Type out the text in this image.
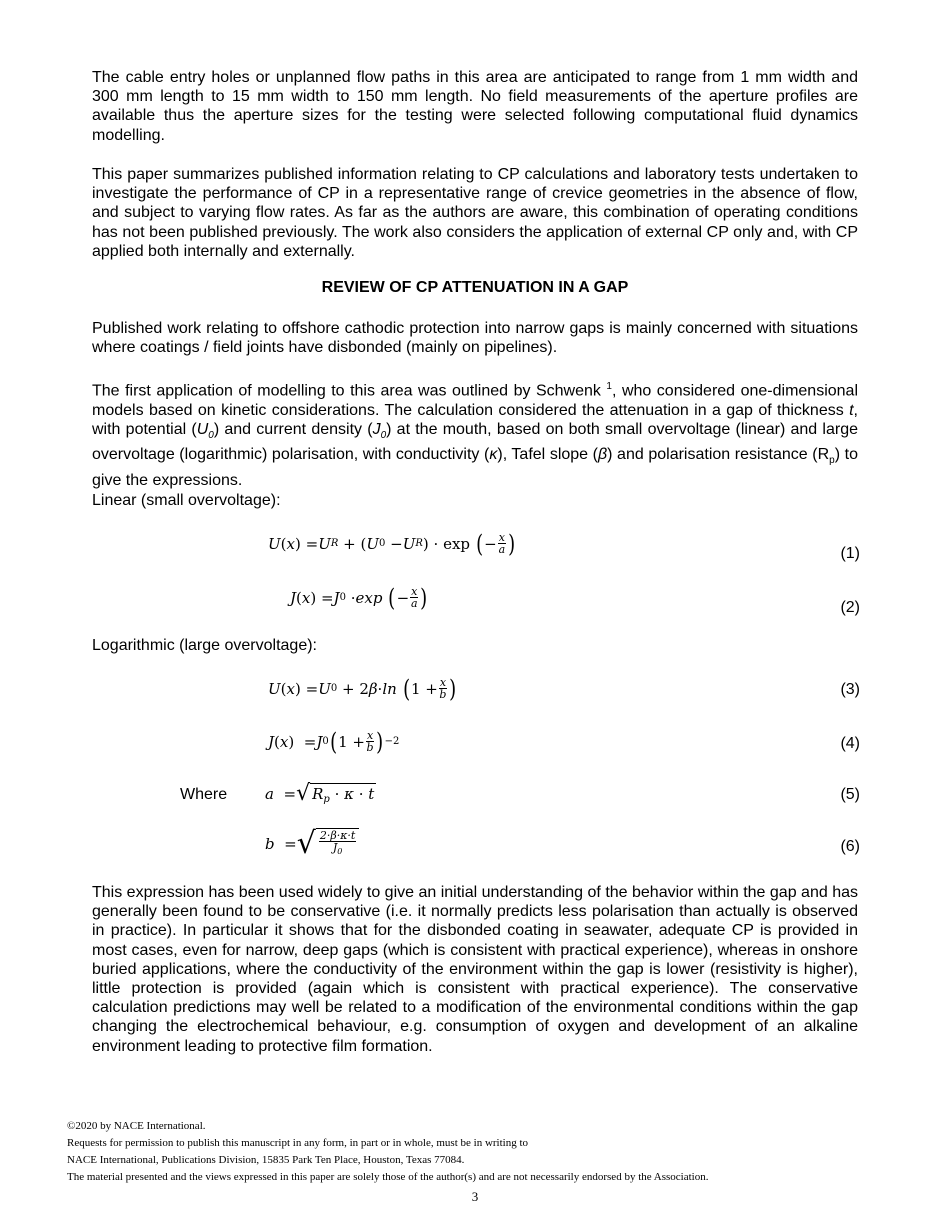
The cable entry holes or unplanned flow paths in this area are anticipated to range from 1 mm width and 300 mm length to 15 mm width to 150 mm length. No field measurements of the aperture profiles are available thus the aperture sizes for the testing were selected following computational fluid dynamics modelling.

This paper summarizes published information relating to CP calculations and laboratory tests undertaken to investigate the performance of CP in a representative range of crevice geometries in the absence of flow, and subject to varying flow rates. As far as the authors are aware, this combination of operating conditions has not been published previously. The work also considers the application of external CP only and, with CP applied both internally and externally.

REVIEW OF CP ATTENUATION IN A GAP

Published work relating to offshore cathodic protection into narrow gaps is mainly concerned with situations where coatings / field joints have disbonded (mainly on pipelines).

The first application of modelling to this area was outlined by Schwenk $^1$, who considered one-dimensional models based on kinetic considerations. The calculation considered the attenuation in a gap of thickness t, with potential $(U_0)$ and current density $(J_0)$ at the mouth, based on both small overvoltage (linear) and large overvoltage (logarithmic) polarisation, with conductivity (κ), Tafel slope (β) and polarisation resistance $(R_p)$ to give the expressions.

Linear (small overvoltage):
U ( x ) = U R + ( U 0 − U R ) · exp ( − $\frac{x}{a}$ )	(1)
J ( x ) = J 0 · exp
( − $\frac{x}{a}$ )	(2)
Logarithmic (large overvoltage):
U ( x ) = U 0 + 2 β · ln
( $1 + \frac{x}{b}$ )	(3)
J ( x )  = J 0 ( $1 + \frac{x}{b}$ ) −2	(4)
Where	a = √ $R_p \cdot \kappa \cdot t$	(5)
b = √ $\frac{2\cdot\beta\cdot\kappa\cdot t}{J_0}$	(6)

This expression has been used widely to give an initial understanding of the behavior within the gap and has generally been found to be conservative (i.e. it normally predicts less polarisation than actually is observed in practice). In particular it shows that for the disbonded coating in seawater, adequate CP is provided in most cases, even for narrow, deep gaps (which is consistent with practical experience), whereas in onshore buried applications, where the conductivity of the environment within the gap is lower (resistivity is higher), little protection is provided (again which is consistent with practical experience). The conservative calculation predictions may well be related to a modification of the environmental conditions within the gap changing the electrochemical behaviour, e.g. consumption of oxygen and development of an alkaline environment leading to protective film formation.

©2020 by NACE International.
Requests for permission to publish this manuscript in any form, in part or in whole, must be in writing to
NACE International, Publications Division, 15835 Park Ten Place, Houston, Texas 77084.
The material presented and the views expressed in this paper are solely those of the author(s) and are not necessarily endorsed by the Association.
3
